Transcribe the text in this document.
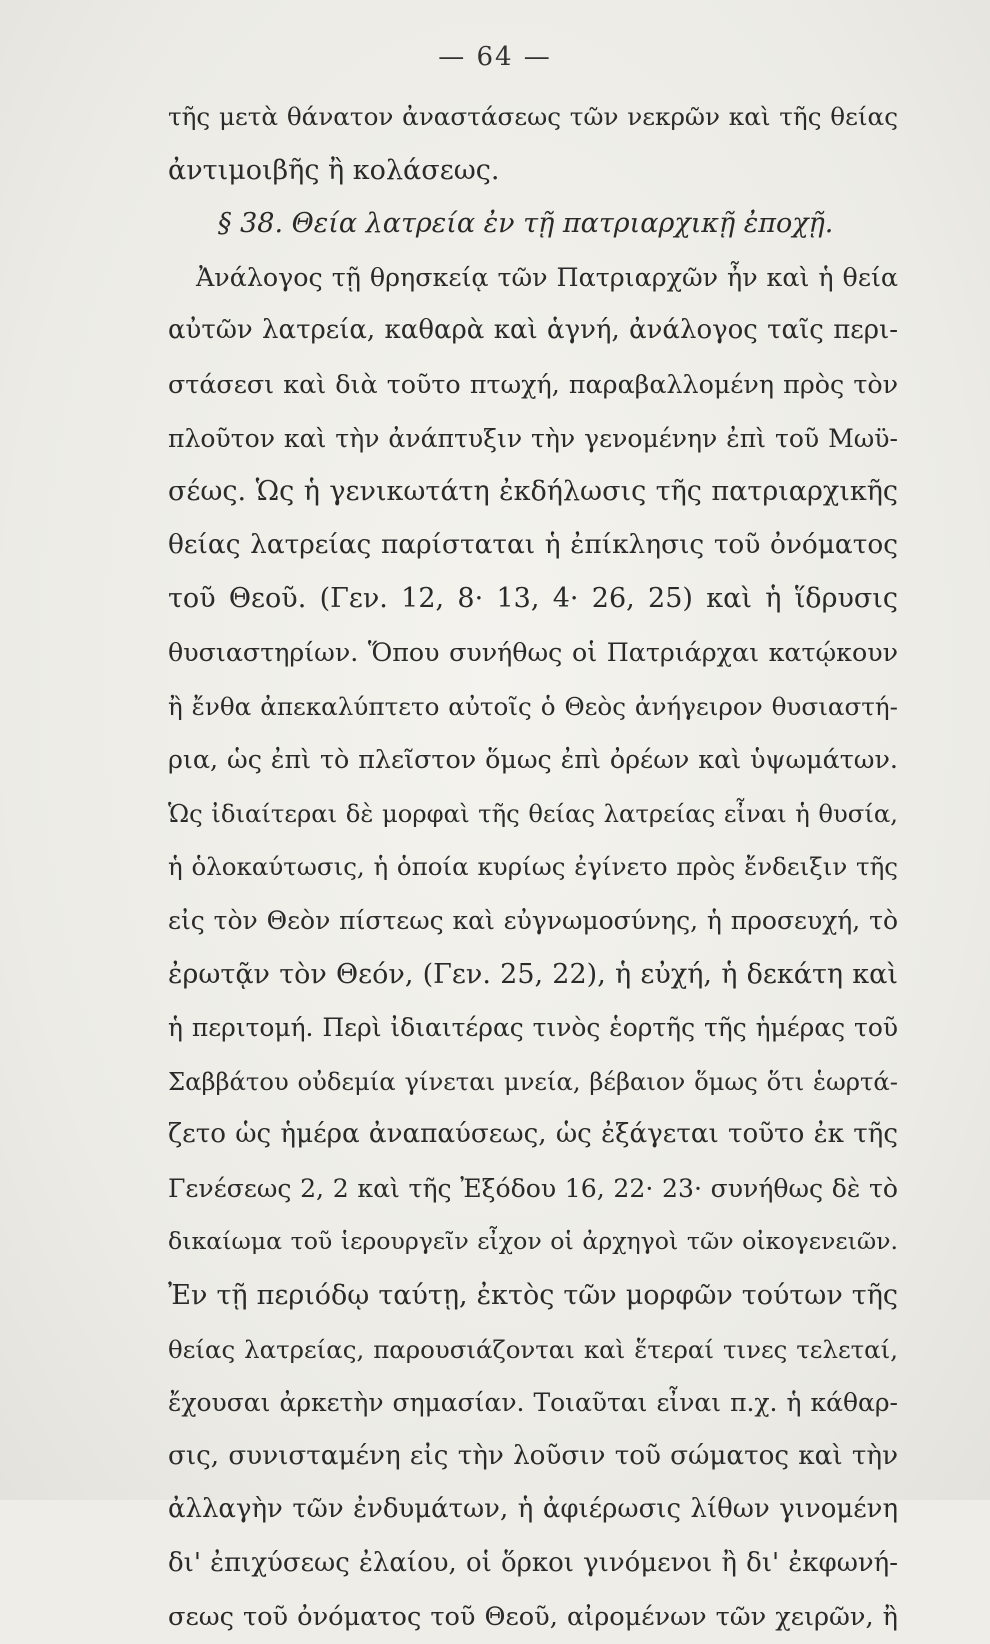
— 64 —
τῆς μετὰ θάνατον ἀναστάσεως τῶν νεκρῶν καὶ τῆς θείας
ἀντιμοιβῆς ἢ κολάσεως.
§ 38. Θεία λατρεία ἐν τῇ πατριαρχικῇ ἐποχῇ.
Ἀνάλογος τῇ θρησκείᾳ τῶν Πατριαρχῶν ἦν καὶ ἡ θεία
αὐτῶν λατρεία, καθαρὰ καὶ ἁγνή, ἀνάλογος ταῖς περι-
στάσεσι καὶ διὰ τοῦτο πτωχή, παραβαλλομένη πρὸς τὸν
πλοῦτον καὶ τὴν ἀνάπτυξιν τὴν γενομένην ἐπὶ τοῦ Μωϋ-
σέως. Ὡς ἡ γενικωτάτη ἐκδήλωσις τῆς πατριαρχικῆς
θείας λατρείας παρίσταται ἡ ἐπίκλησις τοῦ ὀνόματος
τοῦ Θεοῦ. (Γεν. 12, 8· 13, 4· 26, 25) καὶ ἡ ἵδρυσις
θυσιαστηρίων. Ὅπου συνήθως οἱ Πατριάρχαι κατῴκουν
ἢ ἔνθα ἀπεκαλύπτετο αὐτοῖς ὁ Θεὸς ἀνήγειρον θυσιαστή-
ρια, ὡς ἐπὶ τὸ πλεῖστον ὅμως ἐπὶ ὀρέων καὶ ὑψωμάτων.
Ὡς ἰδιαίτεραι δὲ μορφαὶ τῆς θείας λατρείας εἶναι ἡ θυσία,
ἡ ὁλοκαύτωσις, ἡ ὁποία κυρίως ἐγίνετο πρὸς ἔνδειξιν τῆς
εἰς τὸν Θεὸν πίστεως καὶ εὐγνωμοσύνης, ἡ προσευχή, τὸ
ἐρωτᾷν τὸν Θεόν, (Γεν. 25, 22), ἡ εὐχή, ἡ δεκάτη καὶ
ἡ περιτομή. Περὶ ἰδιαιτέρας τινὸς ἑορτῆς τῆς ἡμέρας τοῦ
Σαββάτου οὐδεμία γίνεται μνεία, βέβαιον ὅμως ὅτι ἑωρτά-
ζετο ὡς ἡμέρα ἀναπαύσεως, ὡς ἐξάγεται τοῦτο ἐκ τῆς
Γενέσεως 2, 2 καὶ τῆς Ἐξόδου 16, 22· 23· συνήθως δὲ τὸ
δικαίωμα τοῦ ἱερουργεῖν εἶχον οἱ ἀρχηγοὶ τῶν οἰκογενειῶν.
Ἐν τῇ περιόδῳ ταύτῃ, ἐκτὸς τῶν μορφῶν τούτων τῆς
θείας λατρείας, παρουσιάζονται καὶ ἕτεραί τινες τελεταί,
ἔχουσαι ἀρκετὴν σημασίαν. Τοιαῦται εἶναι π.χ. ἡ κάθαρ-
σις, συνισταμένη εἰς τὴν λοῦσιν τοῦ σώματος καὶ τὴν
ἀλλαγὴν τῶν ἐνδυμάτων, ἡ ἀφιέρωσις λίθων γινομένη
δι' ἐπιχύσεως ἐλαίου, οἱ ὅρκοι γινόμενοι ἢ δι' ἐκφωνή-
σεως τοῦ ὀνόματος τοῦ Θεοῦ, αἰρομένων τῶν χειρῶν, ἢ
